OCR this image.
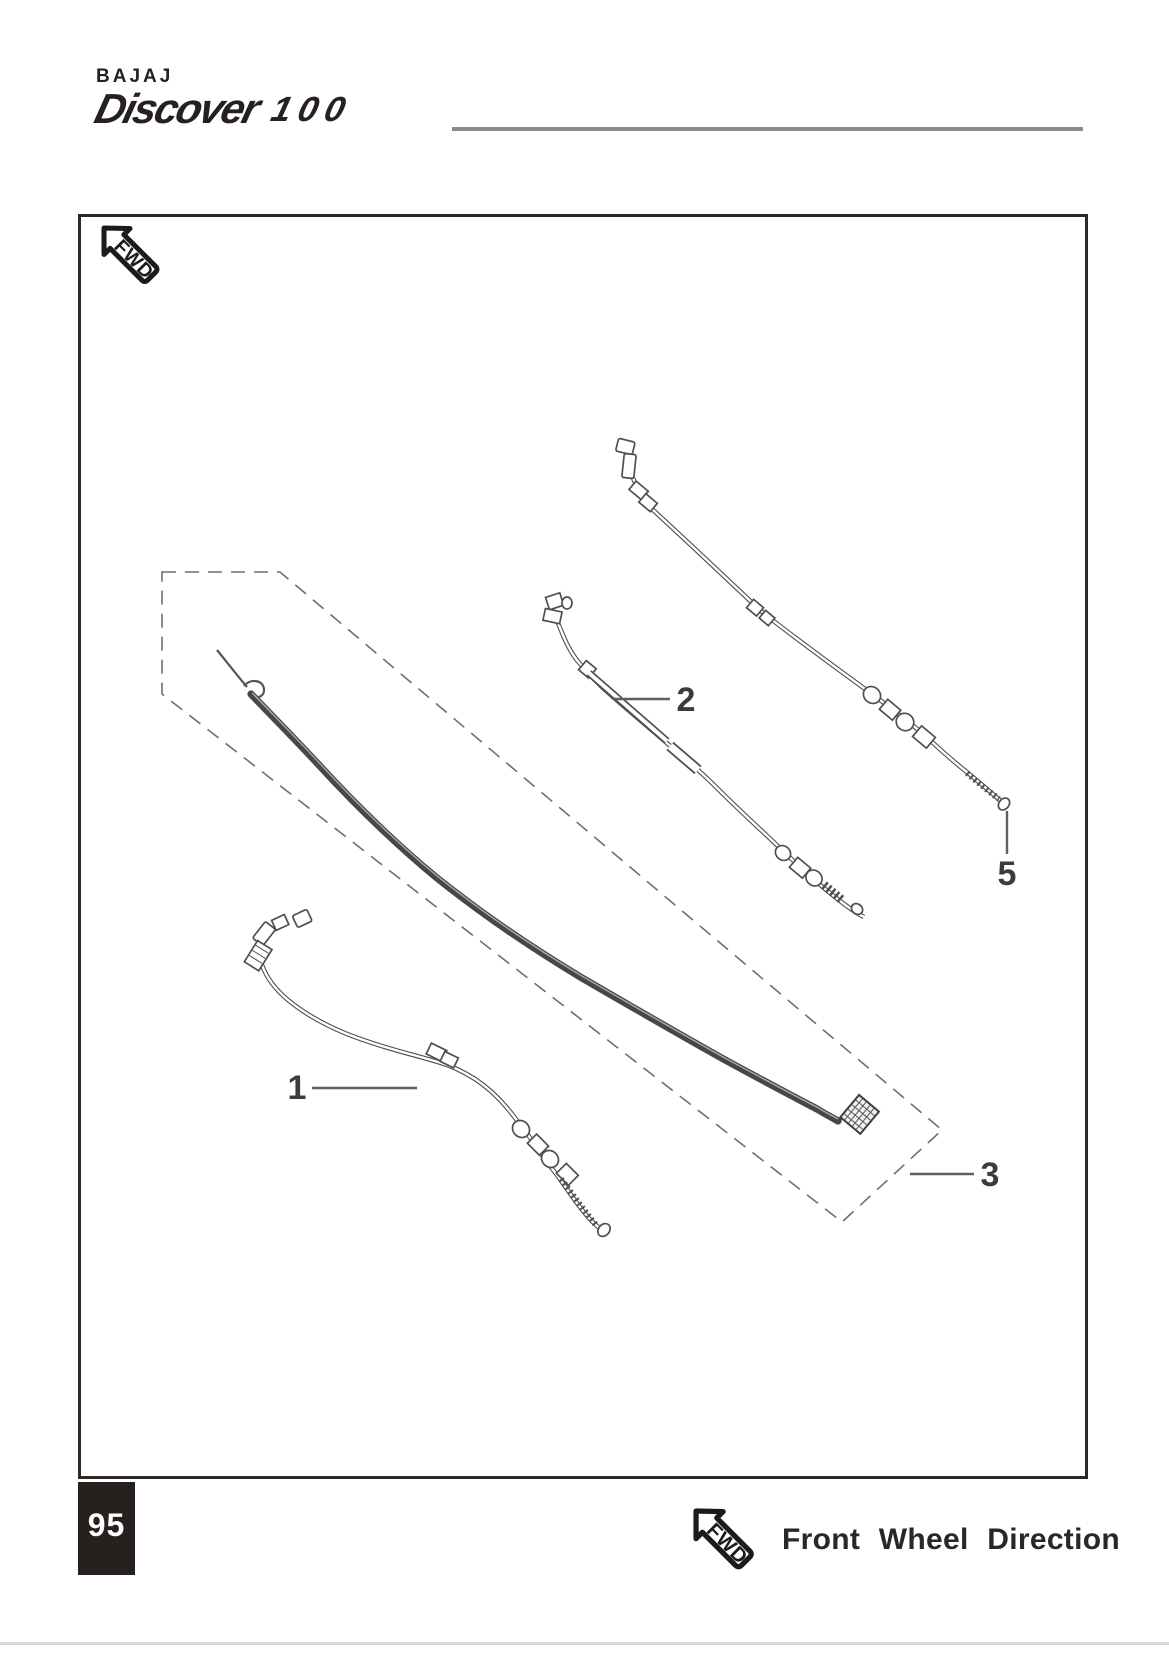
BAJAJ
Discover 100
FWD
1
2
3
5
95	FWD Front Wheel Direction
